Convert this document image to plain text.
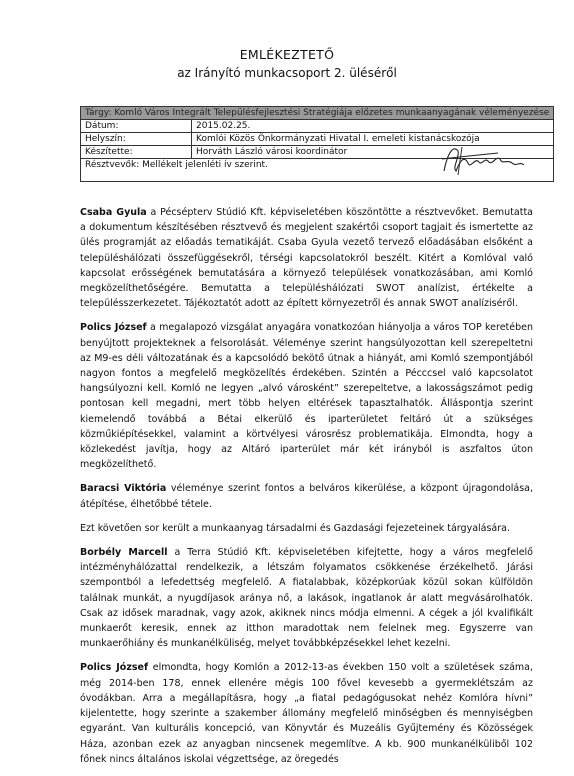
EMLÉKEZTETŐ
az Irányító munkacsoport 2. üléséről
Tárgy: Komló Város Integrált Településfejlesztési Stratégiája előzetes munkaanyagának véleményezése	
Dátum:	2015.02.25.
Helyszín:	Komlói Közös Önkormányzati Hivatal I. emeleti kistanácskozója
Készítette:	Horváth László városi koordinátor
Résztvevők: Mellékelt jelenléti ív szerint.	

Csaba Gyula a Pécsépterv Stúdió Kft. képviseletében köszöntötte a résztvevőket. Bemutatta a dokumentum készítésében résztvevő és megjelent szakértői csoport tagjait és ismertette az ülés programját az előadás tematikáját. Csaba Gyula vezető tervező előadásában elsőként a településhálózati összefüggésekről, térségi kapcsolatokról beszélt. Kitért a Komlóval való kapcsolat erősségének bemutatására a környező települések vonatkozásában, ami Komló megközelíthetőségére. Bemutatta a településhálózati SWOT analízist, értékelte a településszerkezetet. Tájékoztatót adott az épített környezetről és annak SWOT analíziséről.

Polics József a megalapozó vizsgálat anyagára vonatkozóan hiányolja a város TOP keretében benyújtott projekteknek a felsorolását. Véleménye szerint hangsúlyozottan kell szerepeltetni az M9-es déli változatának és a kapcsolódó bekötő útnak a hiányát, ami Komló szempontjából nagyon fontos a megfelelő megközelítés érdekében. Szintén a Pécccsel való kapcsolatot hangsúlyozni kell. Komló ne legyen „alvó városként” szerepeltetve, a lakosságszámot pedig pontosan kell megadni, mert több helyen eltérések tapasztalhatók. Álláspontja szerint kiemelendő továbbá a Bétai elkerülő és iparterületet feltáró út a szükséges közműkiépítésekkel, valamint a körtvélyesi városrész problematikája. Elmondta, hogy a közlekedést javítja, hogy az Altáró iparterület már két irányból is aszfaltos úton megközelíthető.

Baracsi Viktória véleménye szerint fontos a belváros kikerülése, a központ újragondolása, átépítése, élhetőbbé tétele.

Ezt követően sor került a munkaanyag társadalmi és Gazdasági fejezeteinek tárgyalására.

Borbély Marcell a Terra Stúdió Kft. képviseletében kifejtette, hogy a város megfelelő intézményhálózattal rendelkezik, a létszám folyamatos csökkenése érzékelhető. Járási szempontból a lefedettség megfelelő. A fiatalabbak, középkorúak közül sokan külföldön találnak munkát, a nyugdíjasok aránya nő, a lakások, ingatlanok ár alatt megvásárolhatók. Csak az idősek maradnak, vagy azok, akiknek nincs módja elmenni. A cégek a jól kvalifikált munkaerőt keresik, ennek az itthon maradottak nem felelnek meg. Egyszerre van munkaerőhiány és munkanélküliség, melyet továbbképzésekkel lehet kezelni.

Polics József elmondta, hogy Komlón a 2012-13-as években 150 volt a születések száma, még 2014-ben 178, ennek ellenére mégis 100 fővel kevesebb a gyermeklétszám az óvodákban. Arra a megállapításra, hogy „a fiatal pedagógusokat nehéz Komlóra hívni” kijelentette, hogy szerinte a szakember állomány megfelelő minőségben és mennyiségben egyaránt. Van kulturális koncepció, van Könyvtár és Muzeális Gyűjtemény és Közösségek Háza, azonban ezek az anyagban nincsenek megemlítve. A kb. 900 munkanélküliből 102 főnek nincs általános iskolai végzettsége, az öregedés
